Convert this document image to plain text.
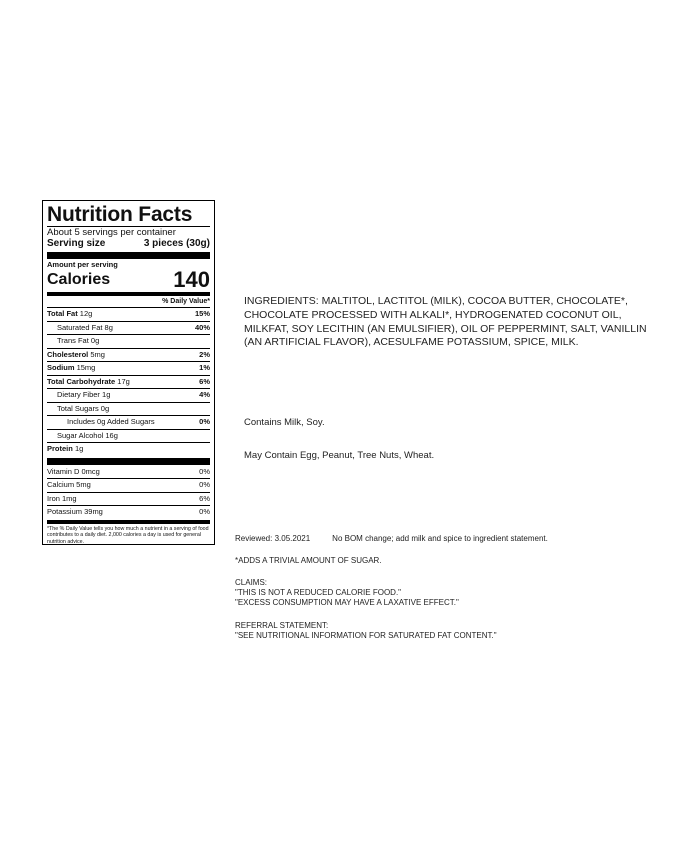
Nutrition Facts
About 5 servings per container
Serving size	3 pieces (30g)
Amount per serving
Calories	140
% Daily Value*
Total Fat 12g	15%
Saturated Fat 8g	40%
Trans Fat 0g
Cholesterol 5mg	2%
Sodium 15mg	1%
Total Carbohydrate 17g	6%
Dietary Fiber 1g	4%
Total Sugars 0g
Includes 0g Added Sugars	0%
Sugar Alcohol 16g
Protein 1g
Vitamin D 0mcg	0%
Calcium 5mg	0%
Iron 1mg	6%
Potassium 39mg	0%
*The % Daily Value tells you how much a nutrient in a serving of food contributes to a daily diet. 2,000 calories a day is used for general nutrition advice.
INGREDIENTS: MALTITOL, LACTITOL (MILK), COCOA BUTTER, CHOCOLATE*, CHOCOLATE PROCESSED WITH ALKALI*, HYDROGENATED COCONUT OIL, MILKFAT, SOY LECITHIN (AN EMULSIFIER), OIL OF PEPPERMINT, SALT, VANILLIN (AN ARTIFICIAL FLAVOR), ACESULFAME POTASSIUM, SPICE, MILK.
Contains Milk, Soy.
May Contain Egg, Peanut, Tree Nuts, Wheat.
Reviewed: 3.05.2021	No BOM change; add milk and spice to ingredient statement.
*ADDS A TRIVIAL AMOUNT OF SUGAR.
CLAIMS:
"THIS IS NOT A REDUCED CALORIE FOOD."
"EXCESS CONSUMPTION MAY HAVE A LAXATIVE EFFECT."
REFERRAL STATEMENT:
"SEE NUTRITIONAL INFORMATION FOR SATURATED FAT CONTENT."
